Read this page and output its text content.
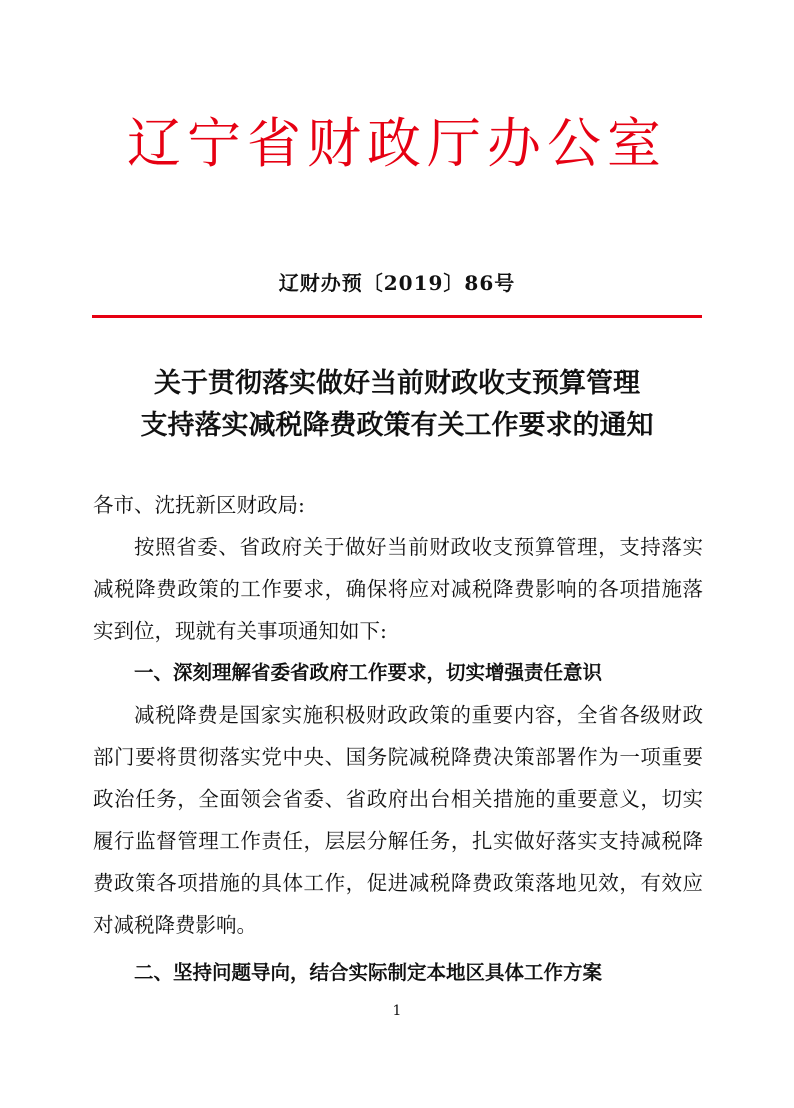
辽宁省财政厅办公室
辽财办预〔2019〕86号
关于贯彻落实做好当前财政收支预算管理
支持落实减税降费政策有关工作要求的通知

各市、沈抚新区财政局:

按照省委、省政府关于做好当前财政收支预算管理，支持落实减税降费政策的工作要求，确保将应对减税降费影响的各项措施落实到位，现就有关事项通知如下:

一、深刻理解省委省政府工作要求，切实增强责任意识

减税降费是国家实施积极财政政策的重要内容，全省各级财政部门要将贯彻落实党中央、国务院减税降费决策部署作为一项重要政治任务，全面领会省委、省政府出台相关措施的重要意义，切实履行监督管理工作责任，层层分解任务，扎实做好落实支持减税降费政策各项措施的具体工作，促进减税降费政策落地见效，有效应对减税降费影响。

二、坚持问题导向，结合实际制定本地区具体工作方案

1
